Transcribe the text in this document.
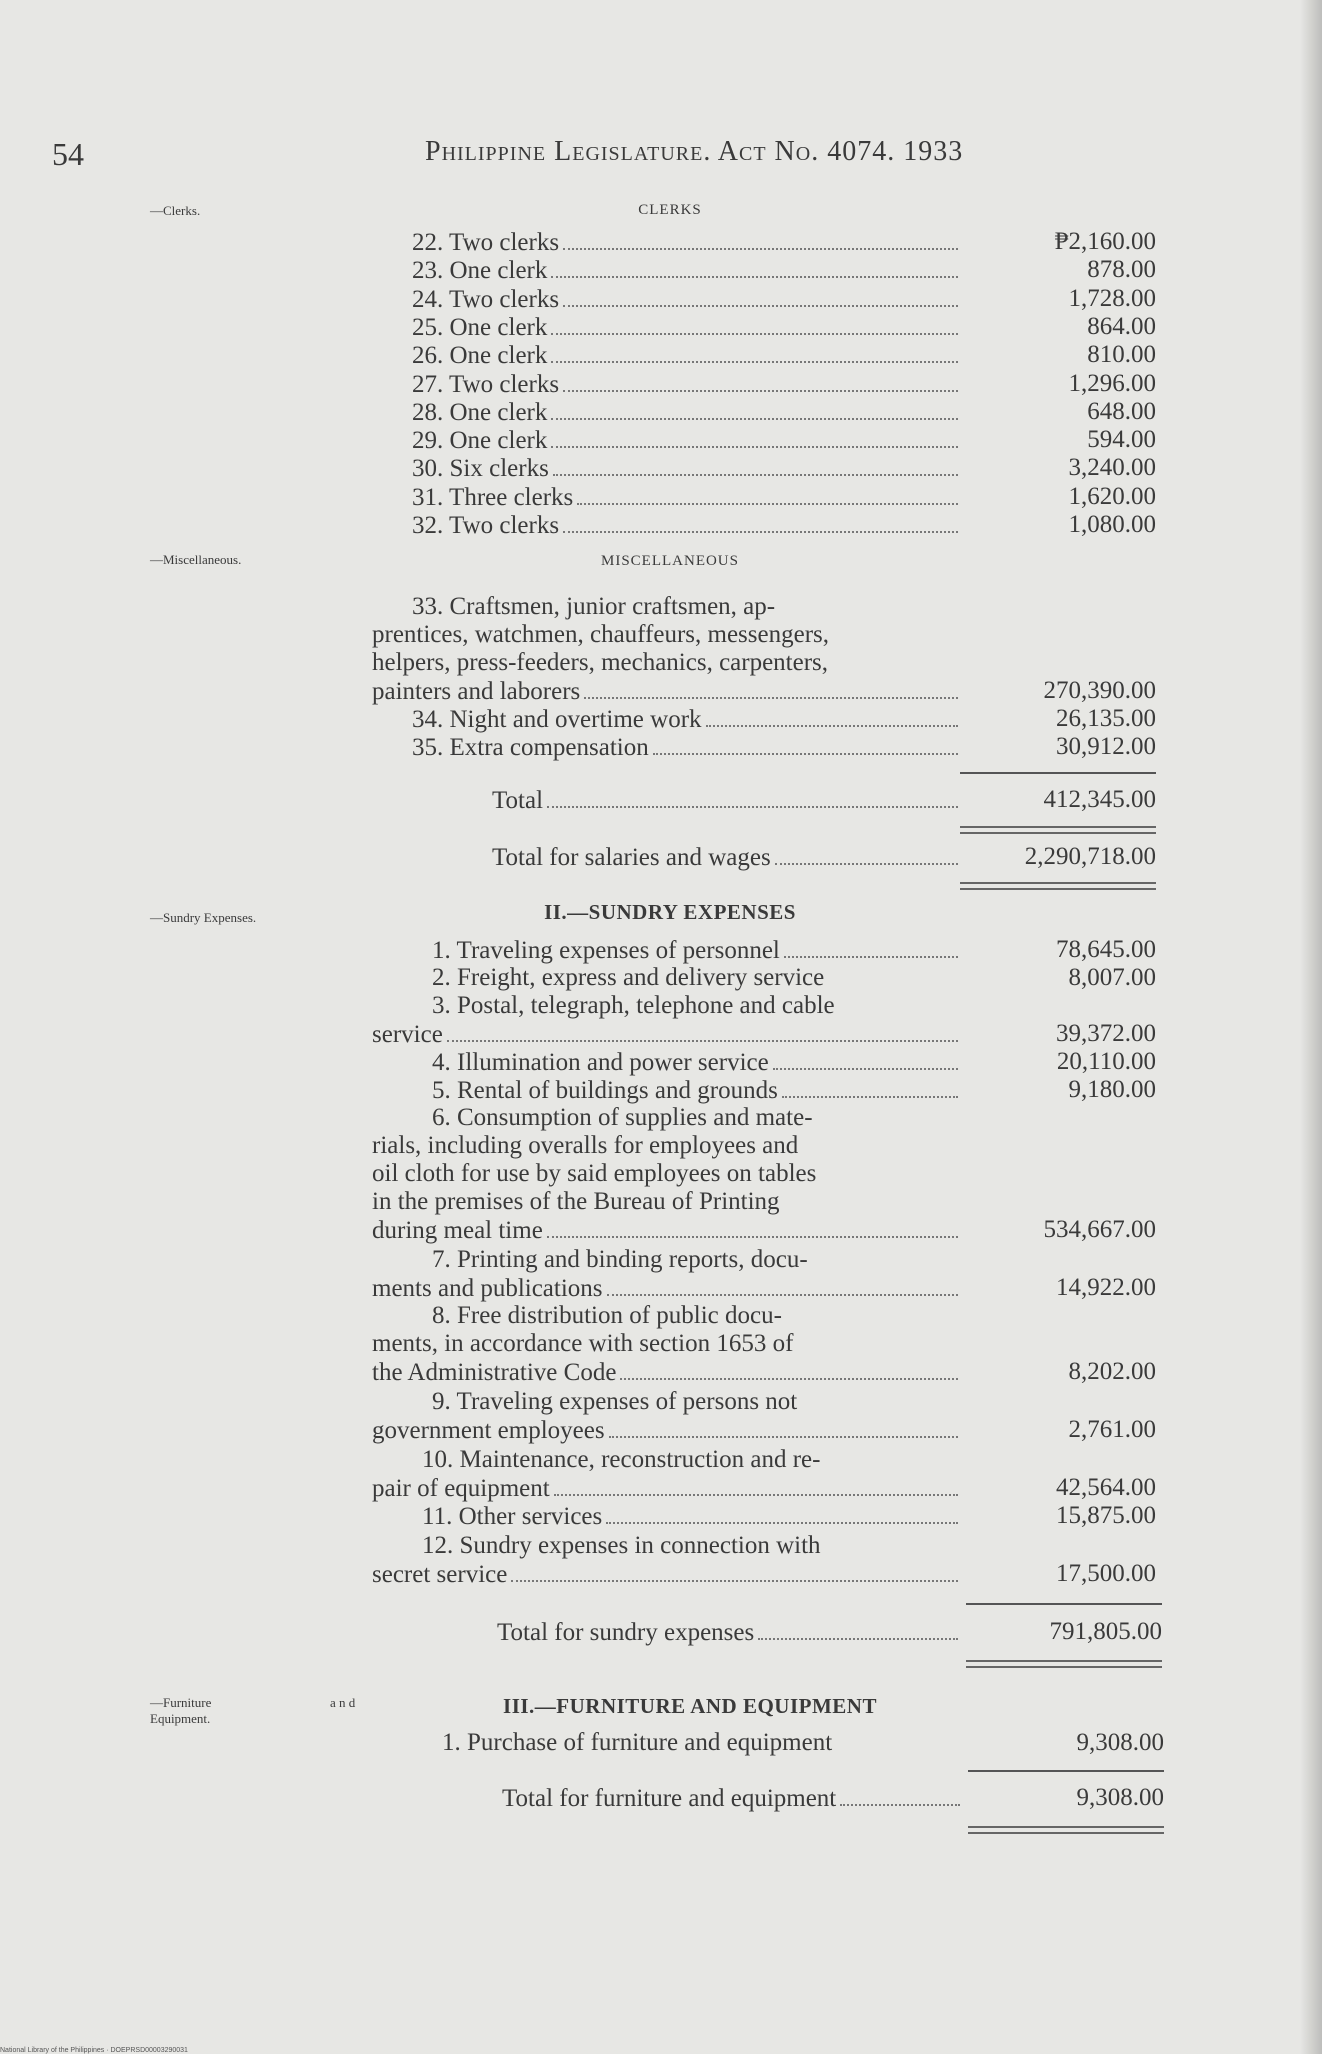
54	Philippine Legislature. Act No. 4074. 1933
—Clerks.
—Miscellaneous.
—Sundry Expenses.
—Furniture	a n d
Equipment.
CLERKS
22. Two clerks	₱2,160.00
23. One clerk	878.00
24. Two clerks	1,728.00
25. One clerk	864.00
26. One clerk	810.00
27. Two clerks	1,296.00
28. One clerk	648.00
29. One clerk	594.00
30. Six clerks	3,240.00
31. Three clerks	1,620.00
32. Two clerks	1,080.00
MISCELLANEOUS
33. Craftsmen, junior craftsmen, ap-
prentices, watchmen, chauffeurs, messengers,
helpers, press-feeders, mechanics, carpenters,
painters and laborers	270,390.00
34. Night and overtime work	26,135.00
35. Extra compensation	30,912.00
Total	412,345.00
Total for salaries and wages	2,290,718.00
II.—SUNDRY EXPENSES
1. Traveling expenses of personnel	78,645.00
2. Freight, express and delivery service	8,007.00
3. Postal, telegraph, telephone and cable
service	39,372.00
4. Illumination and power service	20,110.00
5. Rental of buildings and grounds	9,180.00
6. Consumption of supplies and mate-
rials, including overalls for employees and
oil cloth for use by said employees on tables
in the premises of the Bureau of Printing
during meal time	534,667.00
7. Printing and binding reports, docu-
ments and publications	14,922.00
8. Free distribution of public docu-
ments, in accordance with section 1653 of
the Administrative Code	8,202.00
9. Traveling expenses of persons not
government employees	2,761.00
10. Maintenance, reconstruction and re-
pair of equipment	42,564.00
11. Other services	15,875.00
12. Sundry expenses in connection with
secret service	17,500.00
Total for sundry expenses	791,805.00
III.—FURNITURE AND EQUIPMENT
1. Purchase of furniture and equipment	9,308.00
Total for furniture and equipment	9,308.00
National Library of the Philippines · DOEPRSD00003290031
